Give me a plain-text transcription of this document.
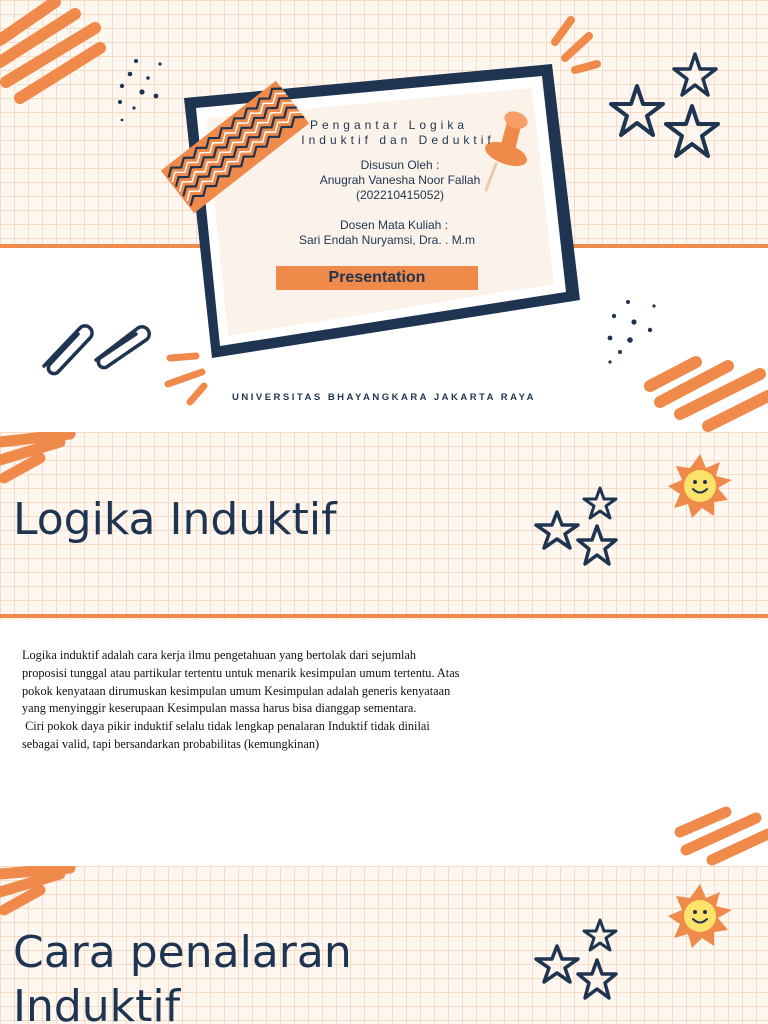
Pengantar Logika
Induktif dan Deduktif
Disusun Oleh :
Anugrah Vanesha Noor Fallah
(202210415052)
Dosen Mata Kuliah :
Sari Endah Nuryamsi, Dra. . M.m
Presentation
UNIVERSITAS BHAYANGKARA JAKARTA RAYA
Logika Induktif

Logika induktif adalah cara kerja ilmu pengetahuan yang bertolak dari sejumlah proposisi tunggal atau partikular tertentu untuk menarik kesimpulan umum tertentu. Atas pokok kenyataan dirumuskan kesimpulan umum Kesimpulan adalah generis kenyataan yang menyinggir keserupaan Kesimpulan massa harus bisa dianggap sementara.

Ciri pokok daya pikir induktif selalu tidak lengkap penalaran Induktif tidak dinilai sebagai valid, tapi bersandarkan probabilitas (kemungkinan)

Cara penalaran
Induktif
